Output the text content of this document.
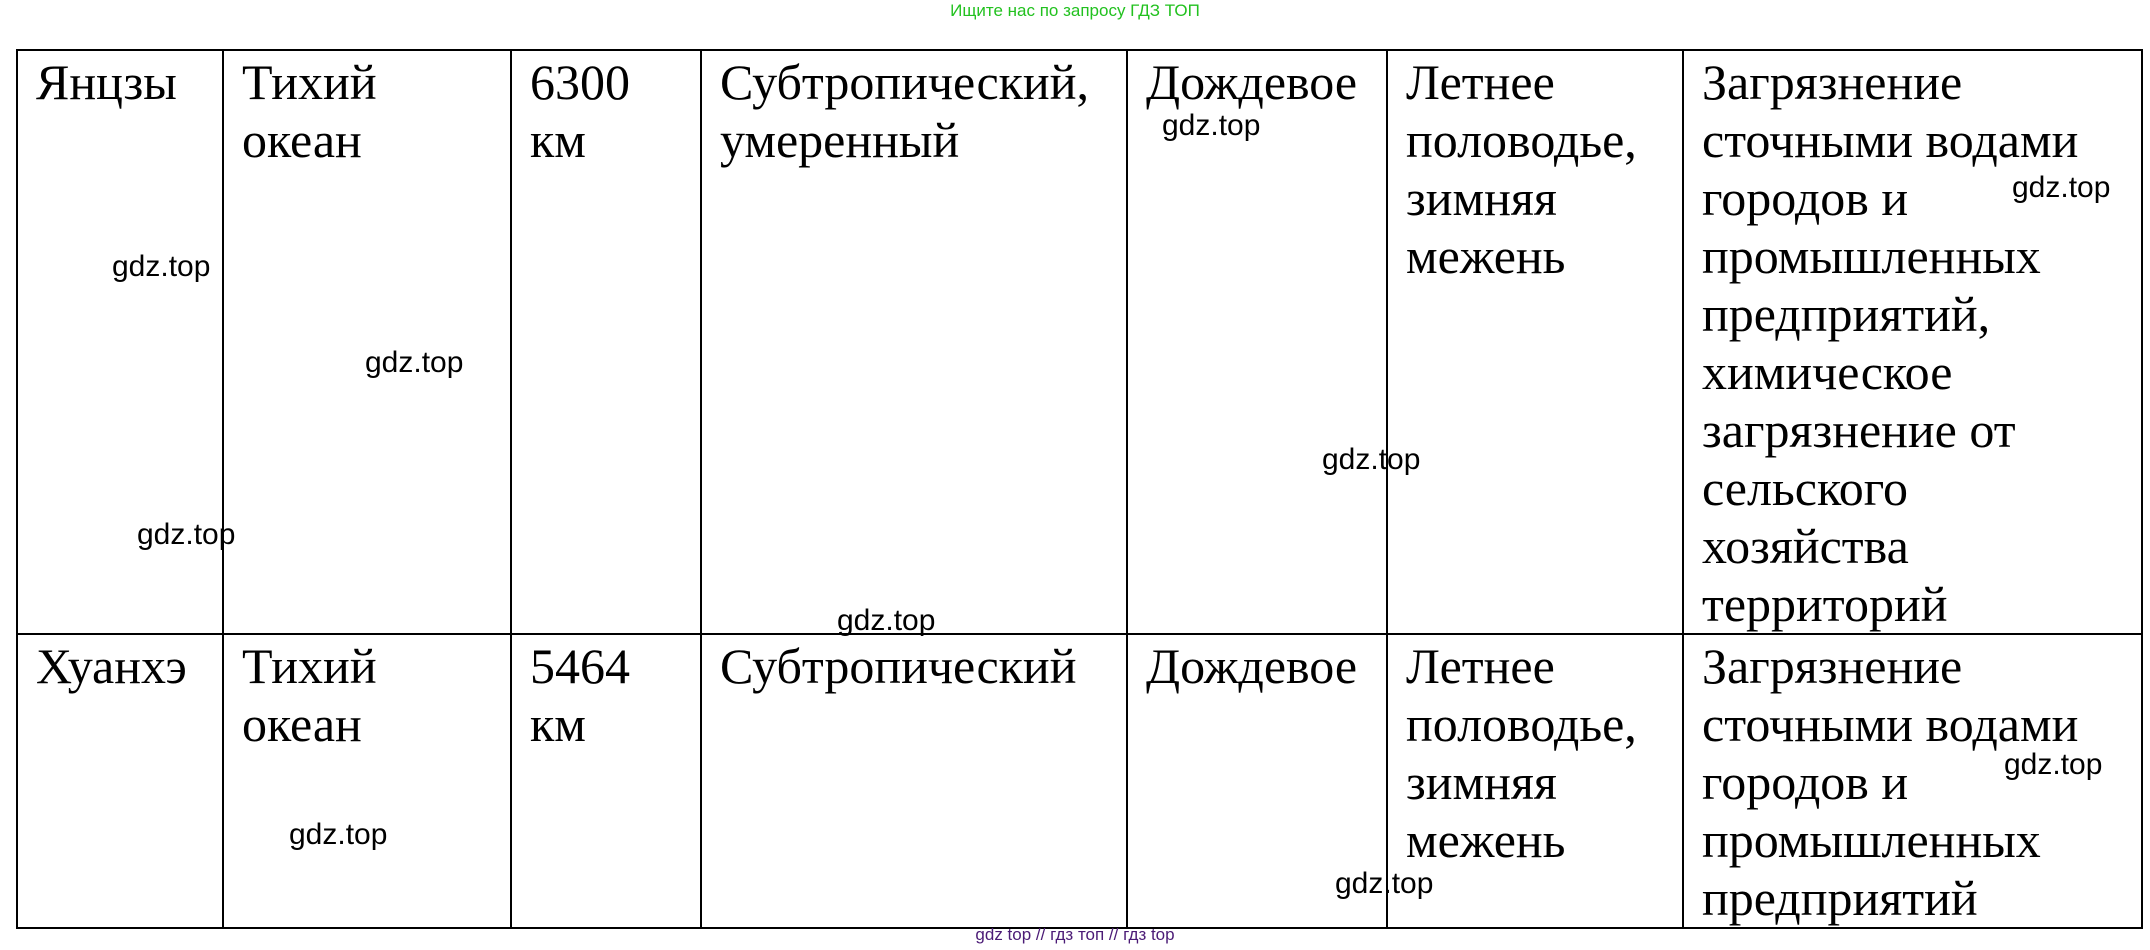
Ищите нас по запросу ГДЗ ТОП
Янцзы	Тихий океан	6300 км	Субтропический, умеренный	Дождевое	Летнее половодье, зимняя межень	Загрязнение сточными водами городов и промышленных предприятий, химическое загрязнение от сельского хозяйства территорий
Хуанхэ	Тихий океан	5464 км	Субтропический	Дождевое	Летнее половодье, зимняя межень	Загрязнение сточными водами городов и промышленных предприятий
gdz.top
gdz.top
gdz.top
gdz.top
gdz.top
gdz.top
gdz.top
gdz.top
gdz.top
gdz.top
gdz top // гдз топ // гдз top
